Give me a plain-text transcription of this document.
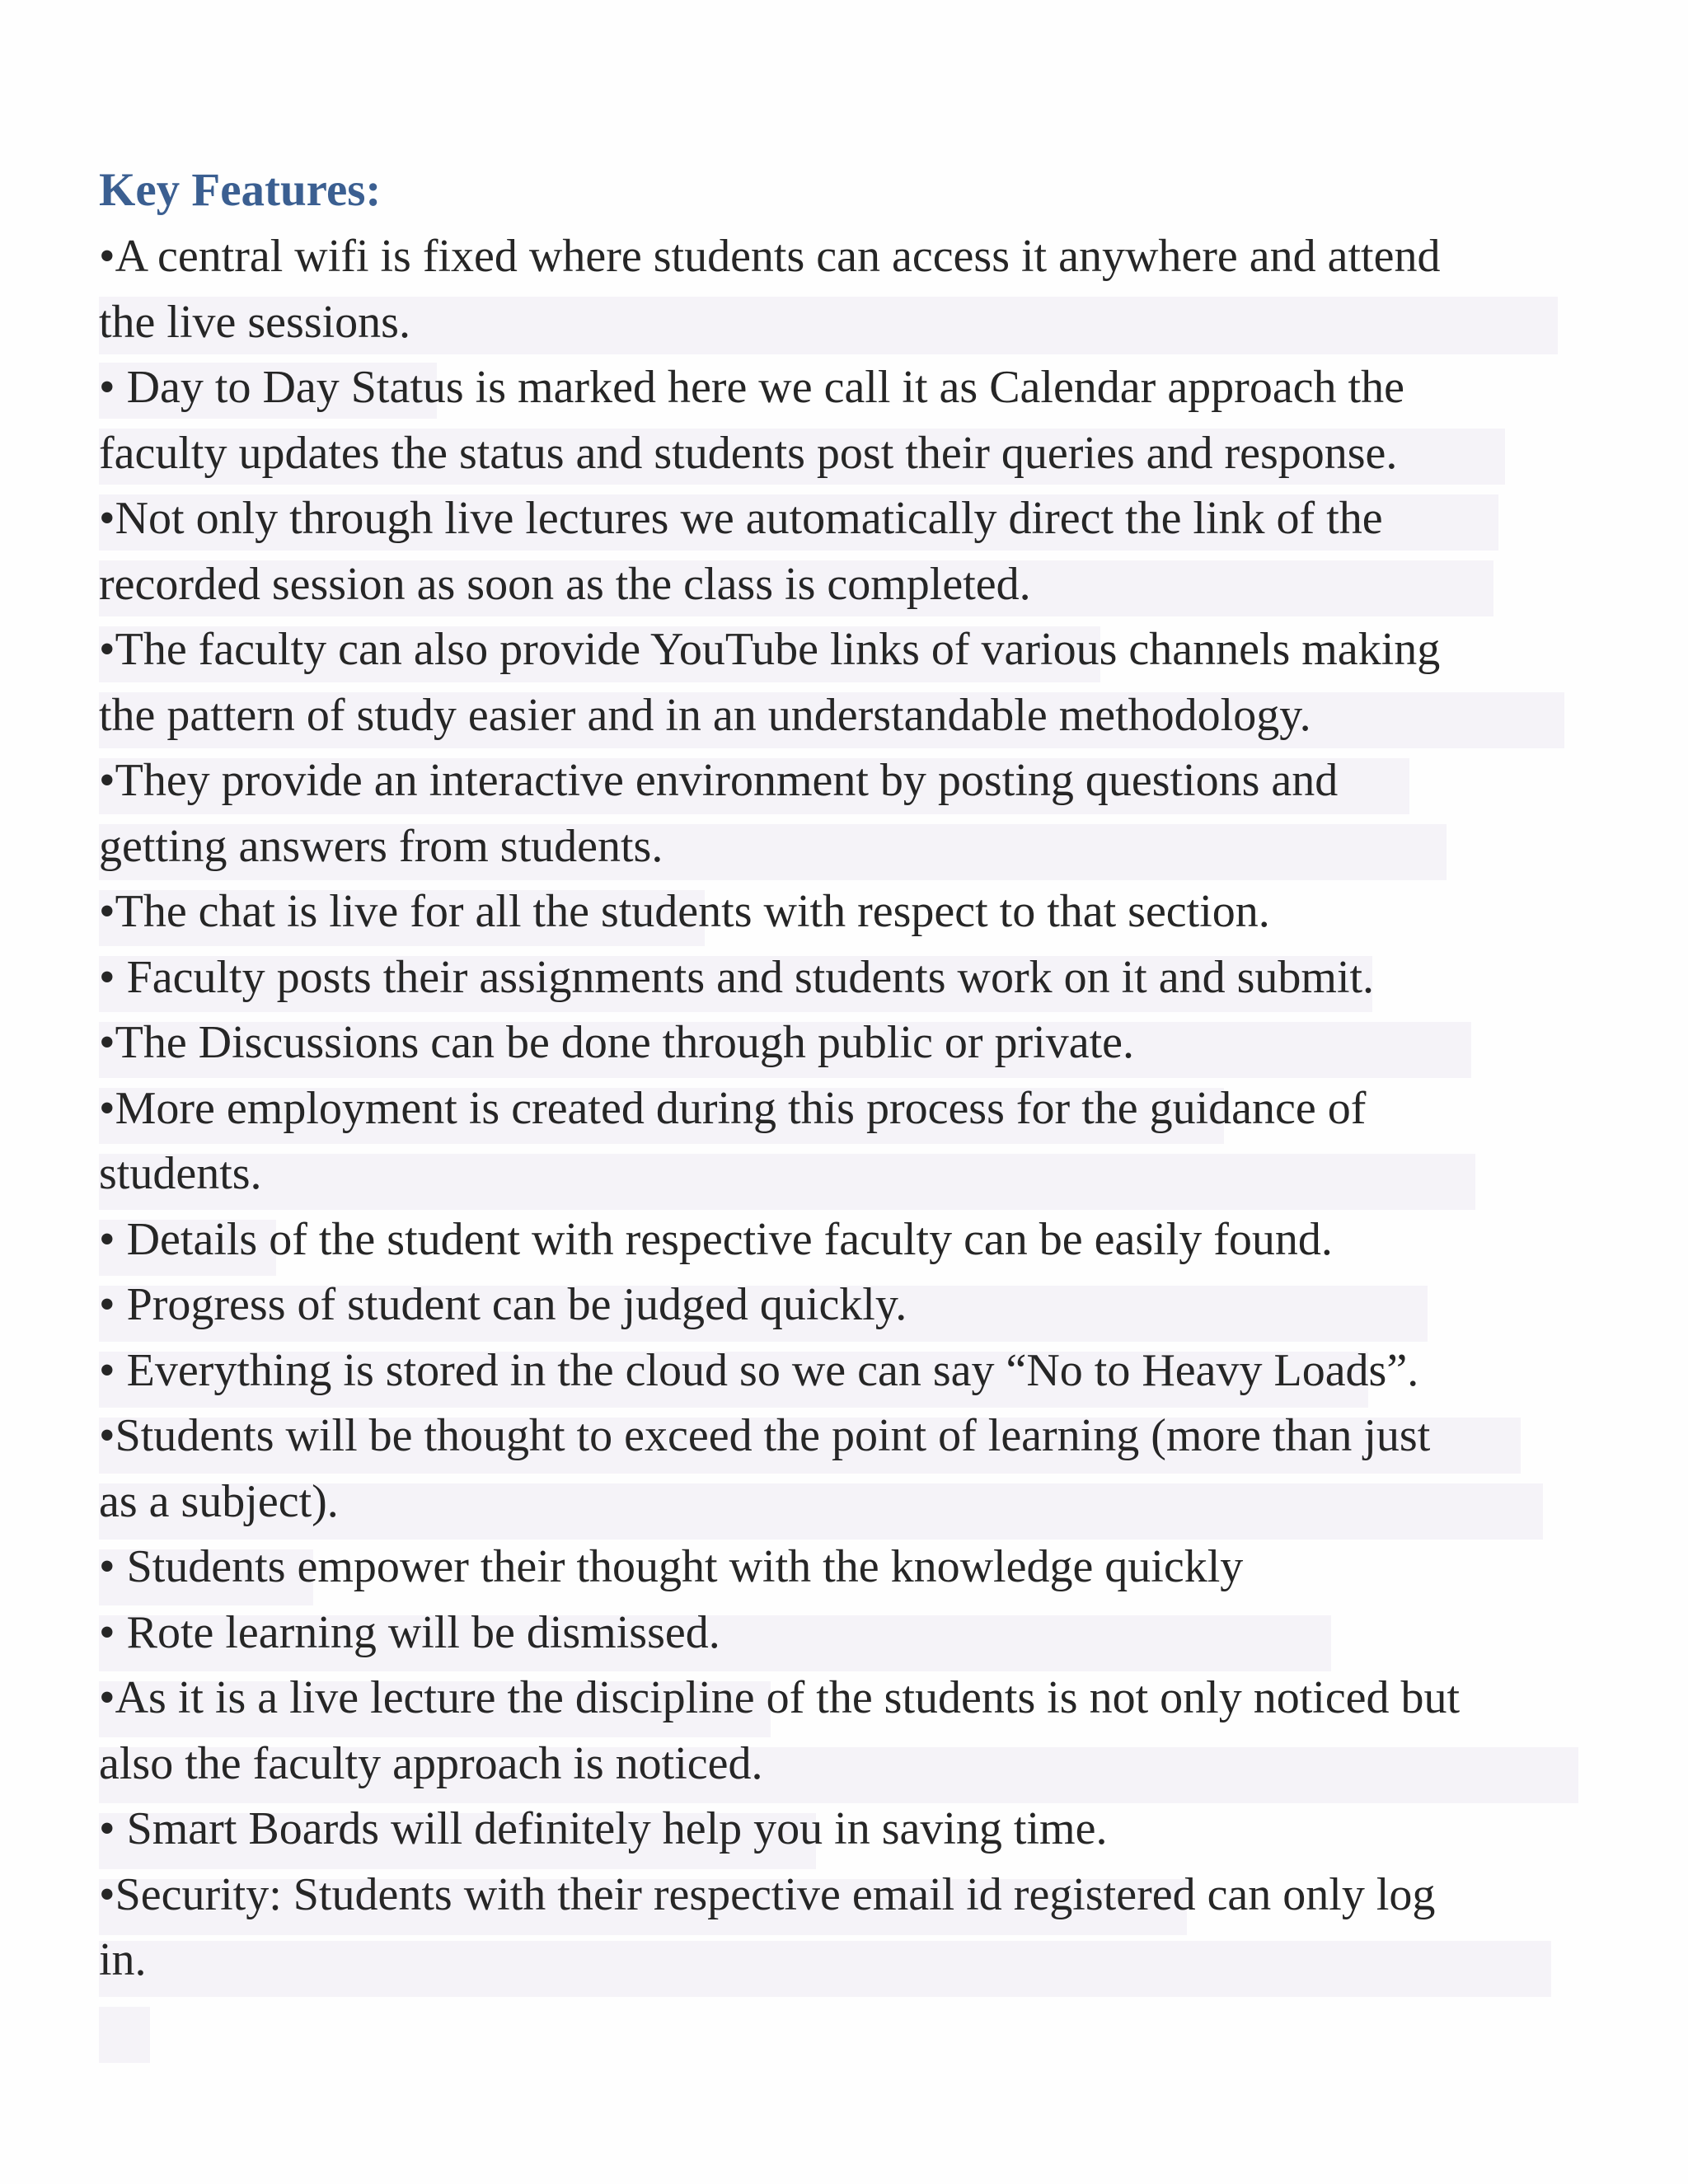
Key Features:
•A central wifi is fixed where students can access it anywhere and attend
the live sessions.
• Day to Day Status is marked here we call it as Calendar approach the
faculty updates the status and students post their queries and response.
•Not only through live lectures we automatically direct the link of the
recorded session as soon as the class is completed.
•The faculty can also provide YouTube links of various channels making
the pattern of study easier and in an understandable methodology.
•They provide an interactive environment by posting questions and
getting answers from students.
•The chat is live for all the students with respect to that section.
• Faculty posts their assignments and students work on it and submit.
•The Discussions can be done through public or private.
•More employment is created during this process for the guidance of
students.
• Details of the student with respective faculty can be easily found.
• Progress of student can be judged quickly.
• Everything is stored in the cloud so we can say “No to Heavy Loads”.
•Students will be thought to exceed the point of learning (more than just
as a subject).
• Students empower their thought with the knowledge quickly
• Rote learning will be dismissed.
•As it is a live lecture the discipline of the students is not only noticed but
also the faculty approach is noticed.
• Smart Boards will definitely help you in saving time.
•Security: Students with their respective email id registered can only log
in.
